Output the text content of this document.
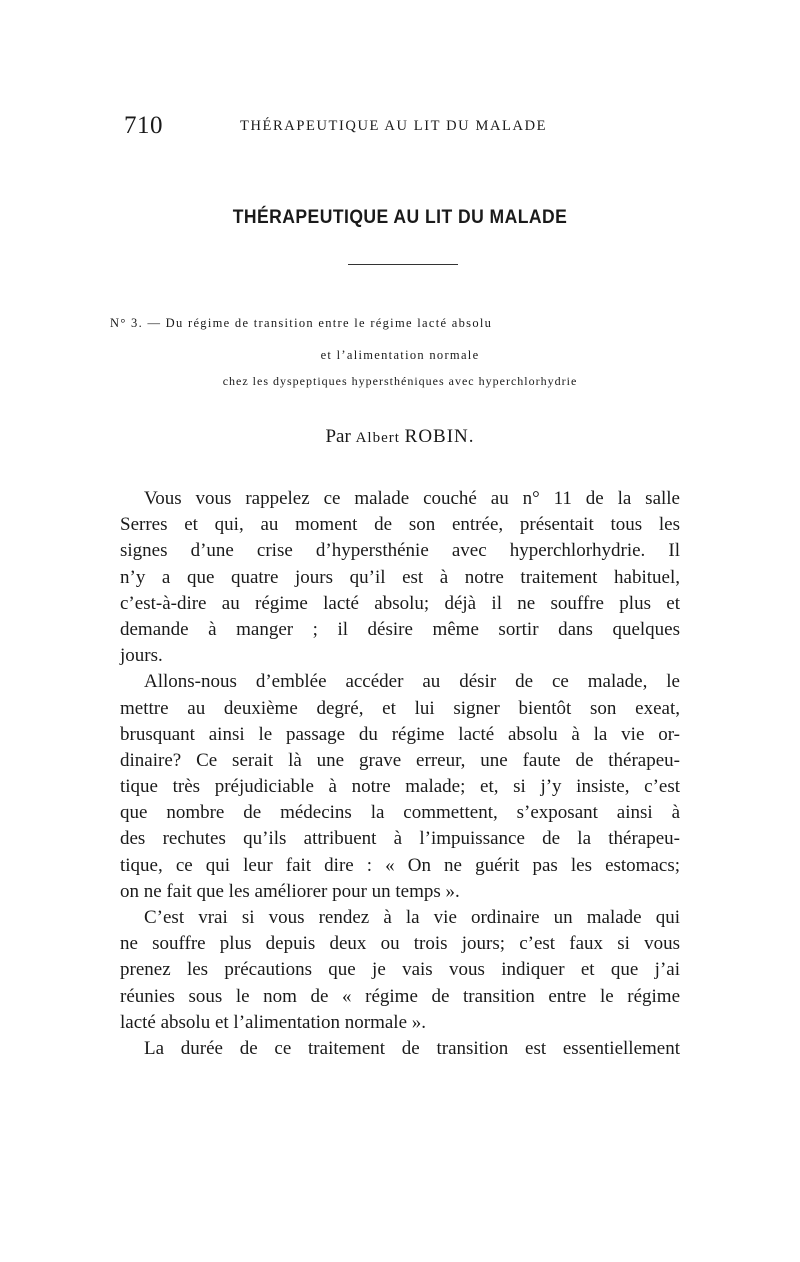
710	THÉRAPEUTIQUE AU LIT DU MALADE
THÉRAPEUTIQUE AU LIT DU MALADE
N° 3. — Du régime de transition entre le régime lacté absolu
et l’alimentation normale
chez les dyspeptiques hypersthéniques avec hyperchlorhydrie
Par Albert ROBIN.
Vous vous rappelez ce malade couché au n° 11 de la salle
Serres et qui, au moment de son entrée, présentait tous les
signes d’une crise d’hypersthénie avec hyperchlorhydrie. Il
n’y a que quatre jours qu’il est à notre traitement habituel,
c’est-à-dire au régime lacté absolu; déjà il ne souffre plus et
demande à manger ; il désire même sortir dans quelques
jours.
Allons-nous d’emblée accéder au désir de ce malade, le
mettre au deuxième degré, et lui signer bientôt son exeat,
brusquant ainsi le passage du régime lacté absolu à la vie or-
dinaire? Ce serait là une grave erreur, une faute de thérapeu-
tique très préjudiciable à notre malade; et, si j’y insiste, c’est
que nombre de médecins la commettent, s’exposant ainsi à
des rechutes qu’ils attribuent à l’impuissance de la thérapeu-
tique, ce qui leur fait dire : « On ne guérit pas les estomacs;
on ne fait que les améliorer pour un temps ».
C’est vrai si vous rendez à la vie ordinaire un malade qui
ne souffre plus depuis deux ou trois jours; c’est faux si vous
prenez les précautions que je vais vous indiquer et que j’ai
réunies sous le nom de « régime de transition entre le régime
lacté absolu et l’alimentation normale ».
La durée de ce traitement de transition est essentiellement
